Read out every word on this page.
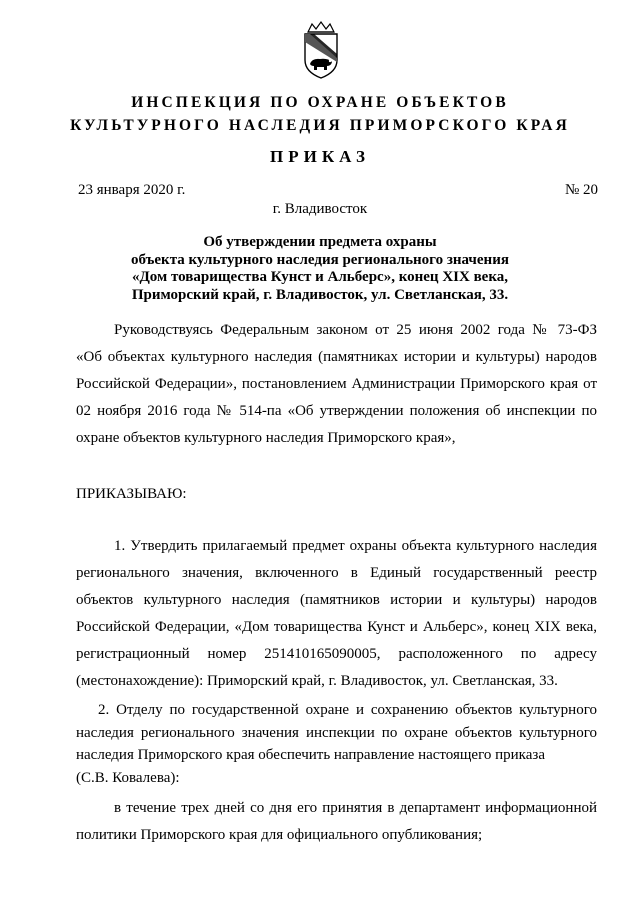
ИНСПЕКЦИЯ ПО ОХРАНЕ ОБЪЕКТОВ
КУЛЬТУРНОГО НАСЛЕДИЯ ПРИМОРСКОГО КРАЯ
ПРИКАЗ
23 января 2020 г.	№ 20
г. Владивосток
Об утверждении предмета охраны
объекта культурного наследия регионального значения
«Дом товарищества Кунст и Альберс», конец XIX века,
Приморский край, г. Владивосток, ул. Светланская, 33.
Руководствуясь Федеральным законом от 25 июня 2002 года № 73-ФЗ
«Об объектах культурного наследия (памятниках истории и культуры) народов
Российской Федерации», постановлением Администрации Приморского края от
02 ноября 2016 года № 514-па «Об утверждении положения об инспекции по
охране объектов культурного наследия Приморского края»,
ПРИКАЗЫВАЮ:
1. Утвердить прилагаемый предмет охраны объекта культурного наследия
регионального значения, включенного в Единый государственный реестр
объектов культурного наследия (памятников истории и культуры) народов
Российской Федерации, «Дом товарищества Кунст и Альберс», конец XIX века,
регистрационный номер 251410165090005, расположенного по адресу
(местонахождение): Приморский край, г. Владивосток, ул. Светланская, 33.
2. Отделу по государственной охране и сохранению объектов культурного
наследия регионального значения инспекции по охране объектов культурного
наследия Приморского края обеспечить направление настоящего приказа
(С.В. Ковалева):
в течение трех дней со дня его принятия в департамент информационной
политики Приморского края для официального опубликования;
